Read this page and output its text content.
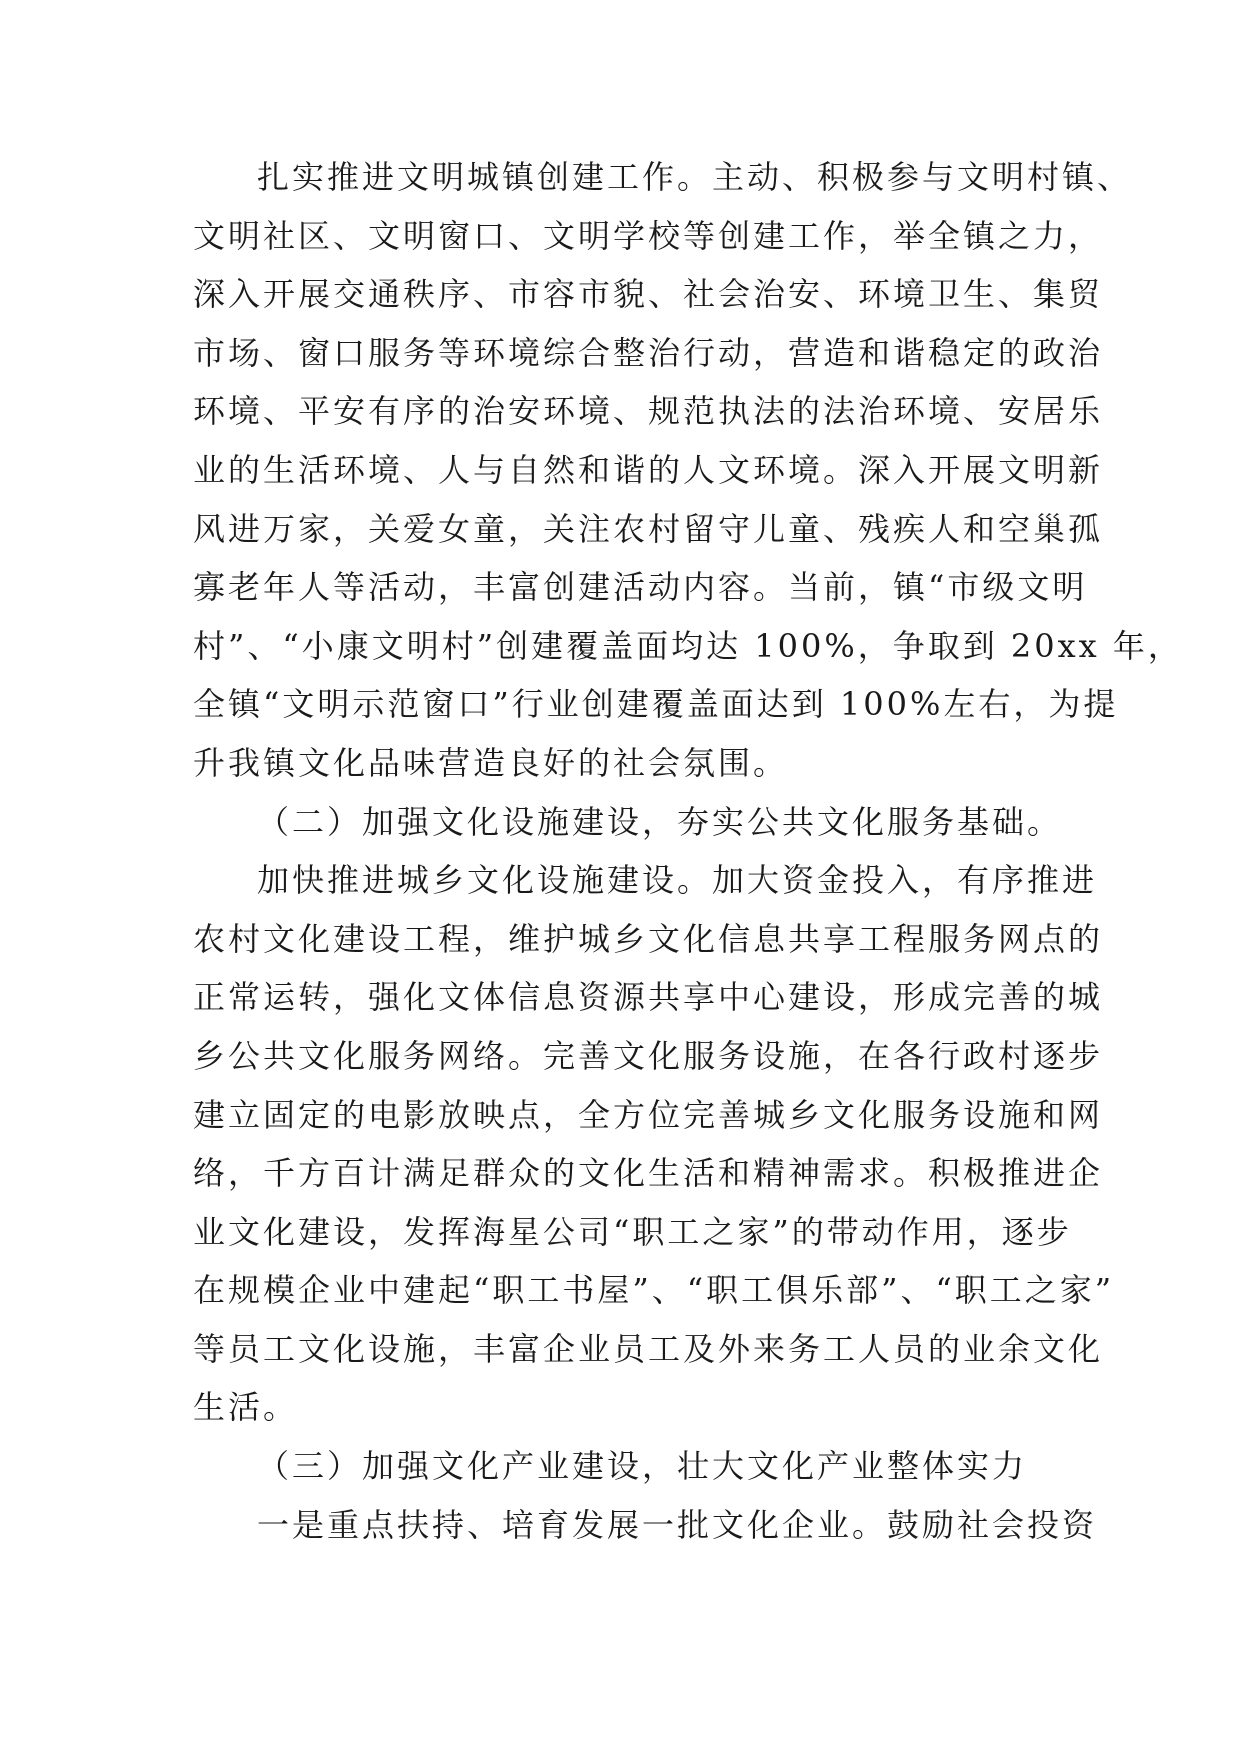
扎实推进文明城镇创建工作。主动、积极参与文明村镇、
文明社区、文明窗口、文明学校等创建工作，举全镇之力，
深入开展交通秩序、市容市貌、社会治安、环境卫生、集贸
市场、窗口服务等环境综合整治行动，营造和谐稳定的政治
环境、平安有序的治安环境、规范执法的法治环境、安居乐
业的生活环境、人与自然和谐的人文环境。深入开展文明新
风进万家，关爱女童，关注农村留守儿童、残疾人和空巢孤
寡老年人等活动，丰富创建活动内容。当前，镇“市级文明
村”、“小康文明村”创建覆盖面均达 100%，争取到 20xx 年，
全镇“文明示范窗口”行业创建覆盖面达到 100%左右，为提
升我镇文化品味营造良好的社会氛围。
（二）加强文化设施建设，夯实公共文化服务基础。
加快推进城乡文化设施建设。加大资金投入，有序推进
农村文化建设工程，维护城乡文化信息共享工程服务网点的
正常运转，强化文体信息资源共享中心建设，形成完善的城
乡公共文化服务网络。完善文化服务设施，在各行政村逐步
建立固定的电影放映点，全方位完善城乡文化服务设施和网
络，千方百计满足群众的文化生活和精神需求。积极推进企
业文化建设，发挥海星公司“职工之家”的带动作用，逐步
在规模企业中建起“职工书屋”、“职工俱乐部”、“职工之家”
等员工文化设施，丰富企业员工及外来务工人员的业余文化
生活。
（三）加强文化产业建设，壮大文化产业整体实力
一是重点扶持、培育发展一批文化企业。鼓励社会投资
